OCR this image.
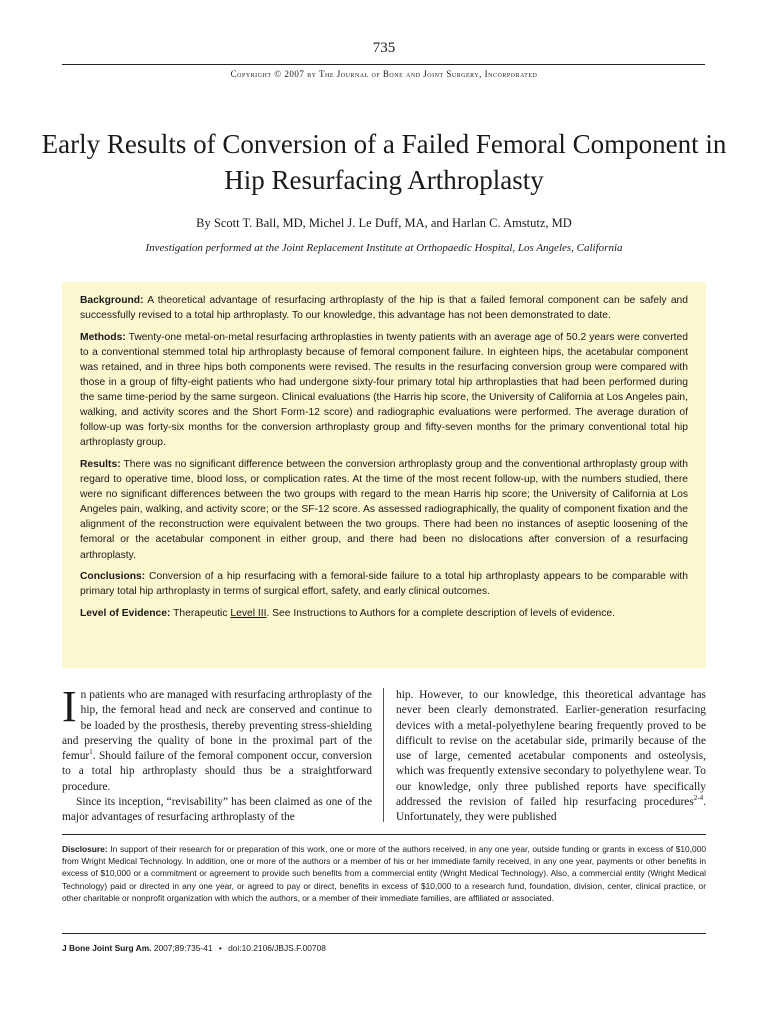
735
Copyright © 2007 by The Journal of Bone and Joint Surgery, Incorporated
Early Results of Conversion of a Failed Femoral Component in Hip Resurfacing Arthroplasty
By Scott T. Ball, MD, Michel J. Le Duff, MA, and Harlan C. Amstutz, MD
Investigation performed at the Joint Replacement Institute at Orthopaedic Hospital, Los Angeles, California

Background: A theoretical advantage of resurfacing arthroplasty of the hip is that a failed femoral component can be safely and successfully revised to a total hip arthroplasty. To our knowledge, this advantage has not been demonstrated to date.

Methods: Twenty-one metal-on-metal resurfacing arthroplasties in twenty patients with an average age of 50.2 years were converted to a conventional stemmed total hip arthroplasty because of femoral component failure. In eighteen hips, the acetabular component was retained, and in three hips both components were revised. The results in the resurfacing conversion group were compared with those in a group of fifty-eight patients who had undergone sixty-four primary total hip arthroplasties that had been performed during the same time-period by the same surgeon. Clinical evaluations (the Harris hip score, the University of California at Los Angeles pain, walking, and activity scores and the Short Form-12 score) and radiographic evaluations were performed. The average duration of follow-up was forty-six months for the conversion arthroplasty group and fifty-seven months for the primary conventional total hip arthroplasty group.

Results: There was no significant difference between the conversion arthroplasty group and the conventional arthroplasty group with regard to operative time, blood loss, or complication rates. At the time of the most recent follow-up, with the numbers studied, there were no significant differences between the two groups with regard to the mean Harris hip score; the University of California at Los Angeles pain, walking, and activity score; or the SF-12 score. As assessed radiographically, the quality of component fixation and the alignment of the reconstruction were equivalent between the two groups. There had been no instances of aseptic loosening of the femoral or the acetabular component in either group, and there had been no dislocations after conversion of a resurfacing arthroplasty.

Conclusions: Conversion of a hip resurfacing with a femoral-side failure to a total hip arthroplasty appears to be comparable with primary total hip arthroplasty in terms of surgical effort, safety, and early clinical outcomes.

Level of Evidence: Therapeutic Level III. See Instructions to Authors for a complete description of levels of evidence.

In patients who are managed with resurfacing arthroplasty of the hip, the femoral head and neck are conserved and continue to be loaded by the prosthesis, thereby preventing stress-shielding and preserving the quality of bone in the proximal part of the femur$^1$. Should failure of the femoral component occur, conversion to a total hip arthroplasty should thus be a straightforward procedure.

Since its inception, “revisability” has been claimed as one of the major advantages of resurfacing arthroplasty of the

hip. However, to our knowledge, this theoretical advantage has never been clearly demonstrated. Earlier-generation resurfacing devices with a metal-polyethylene bearing frequently proved to be difficult to revise on the acetabular side, primarily because of the use of large, cemented acetabular components and osteolysis, which was frequently extensive secondary to polyethylene wear. To our knowledge, only three published reports have specifically addressed the revision of failed hip resurfacing procedures$^{2-4}$. Unfortunately, they were published

Disclosure: In support of their research for or preparation of this work, one or more of the authors received, in any one year, outside funding or grants in excess of $10,000 from Wright Medical Technology. In addition, one or more of the authors or a member of his or her immediate family received, in any one year, payments or other benefits in excess of $10,000 or a commitment or agreement to provide such benefits from a commercial entity (Wright Medical Technology). Also, a commercial entity (Wright Medical Technology) paid or directed in any one year, or agreed to pay or direct, benefits in excess of $10,000 to a research fund, foundation, division, center, clinical practice, or other charitable or nonprofit organization with which the authors, or a member of their immediate families, are affiliated or associated.
J Bone Joint Surg Am. 2007;89:735-41 • doi:10.2106/JBJS.F.00708
